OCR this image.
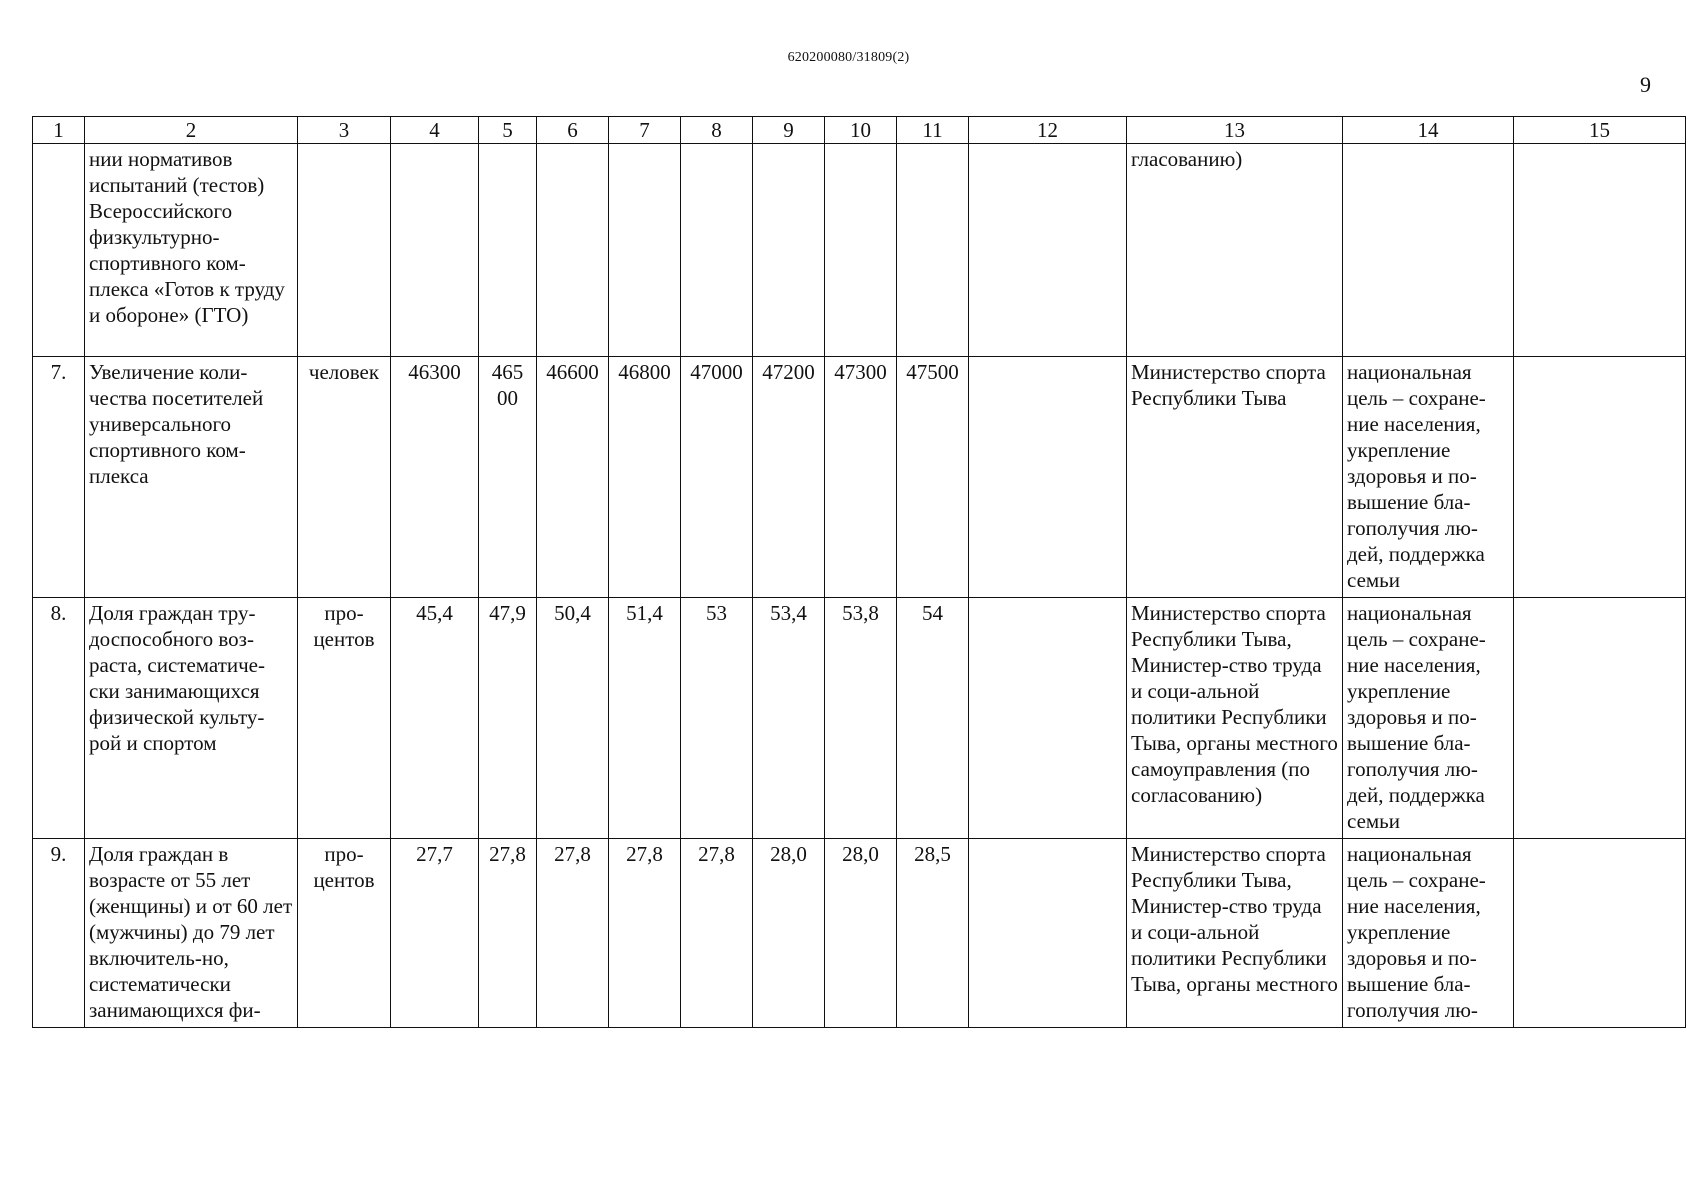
620200080/31809(2)
9
1	2	3	4	5	6	7	8	9	10	11	12	13	14	15
	нии нормативов испытаний (тестов) Всероссийского физкультурно-спортивного ком-плекса «Готов к труду и обороне» (ГТО)											гласованию)		
7.	Увеличение коли-чества посетителей универсального спортивного ком-плекса	человек	46300	465 00	46600	46800	47000	47200	47300	47500		Министерство спорта Республики Тыва	национальная цель – сохране-ние населения, укрепление здоровья и по-вышение бла-гополучия лю-дей, поддержка семьи	
8.	Доля граждан тру-доспособного воз-раста, систематиче-ски занимающихся физической культу-рой и спортом	про-центов	45,4	47,9	50,4	51,4	53	53,4	53,8	54		Министерство спорта Республики Тыва, Министер-ство труда и соци-альной политики Республики Тыва, органы местного самоуправления (по согласованию)	национальная цель – сохране-ние населения, укрепление здоровья и по-вышение бла-гополучия лю-дей, поддержка семьи	
9.	Доля граждан в возрасте от 55 лет (женщины) и от 60 лет (мужчины) до 79 лет включитель-но, систематически занимающихся фи-	про-центов	27,7	27,8	27,8	27,8	27,8	28,0	28,0	28,5		Министерство спорта Республики Тыва, Министер-ство труда и соци-альной политики Республики Тыва, органы местного	национальная цель – сохране-ние населения, укрепление здоровья и по-вышение бла-гополучия лю-	
